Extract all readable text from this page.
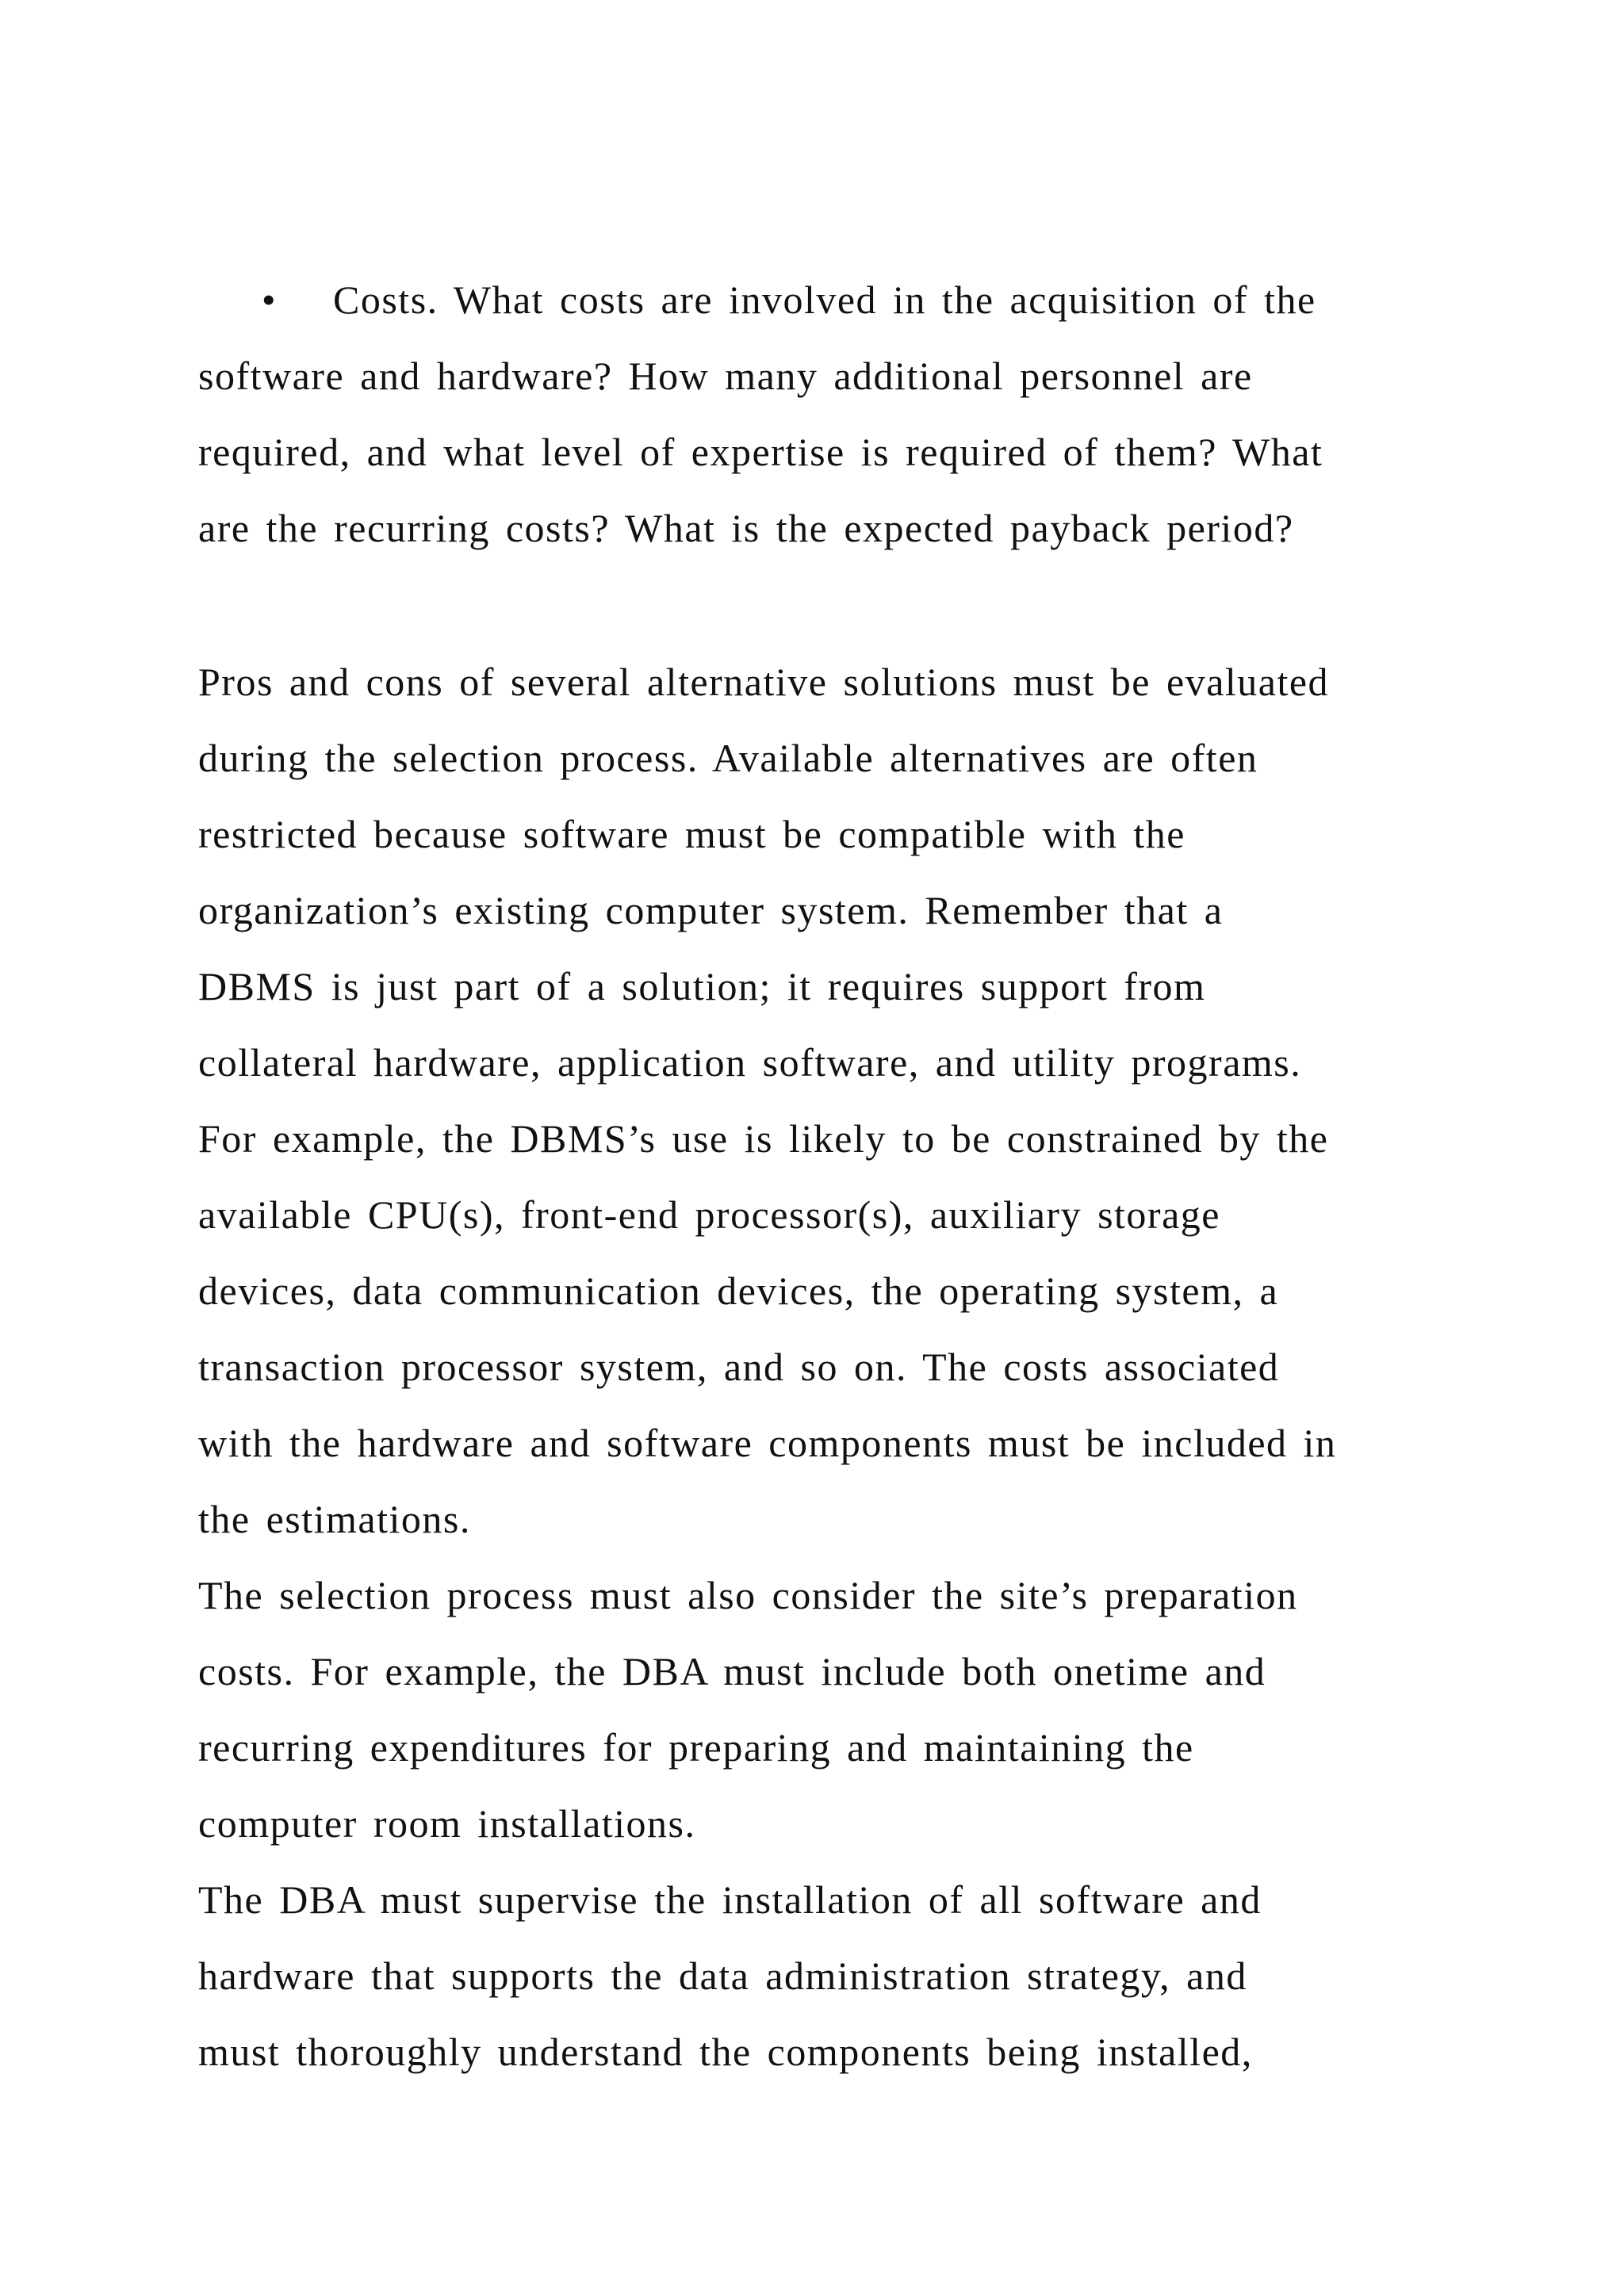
• Costs. What costs are involved in the acquisition of the
software and hardware? How many additional personnel are
required, and what level of expertise is required of them? What
are the recurring costs? What is the expected payback period?
Pros and cons of several alternative solutions must be evaluated
during the selection process. Available alternatives are often
restricted because software must be compatible with the
organization’s existing computer system. Remember that a
DBMS is just part of a solution; it requires support from
collateral hardware, application software, and utility programs.
For example, the DBMS’s use is likely to be constrained by the
available CPU(s), front-end processor(s), auxiliary storage
devices, data communication devices, the operating system, a
transaction processor system, and so on. The costs associated
with the hardware and software components must be included in
the estimations.
The selection process must also consider the site’s preparation
costs. For example, the DBA must include both onetime and
recurring expenditures for preparing and maintaining the
computer room installations.
The DBA must supervise the installation of all software and
hardware that supports the data administration strategy, and
must thoroughly understand the components being installed,
